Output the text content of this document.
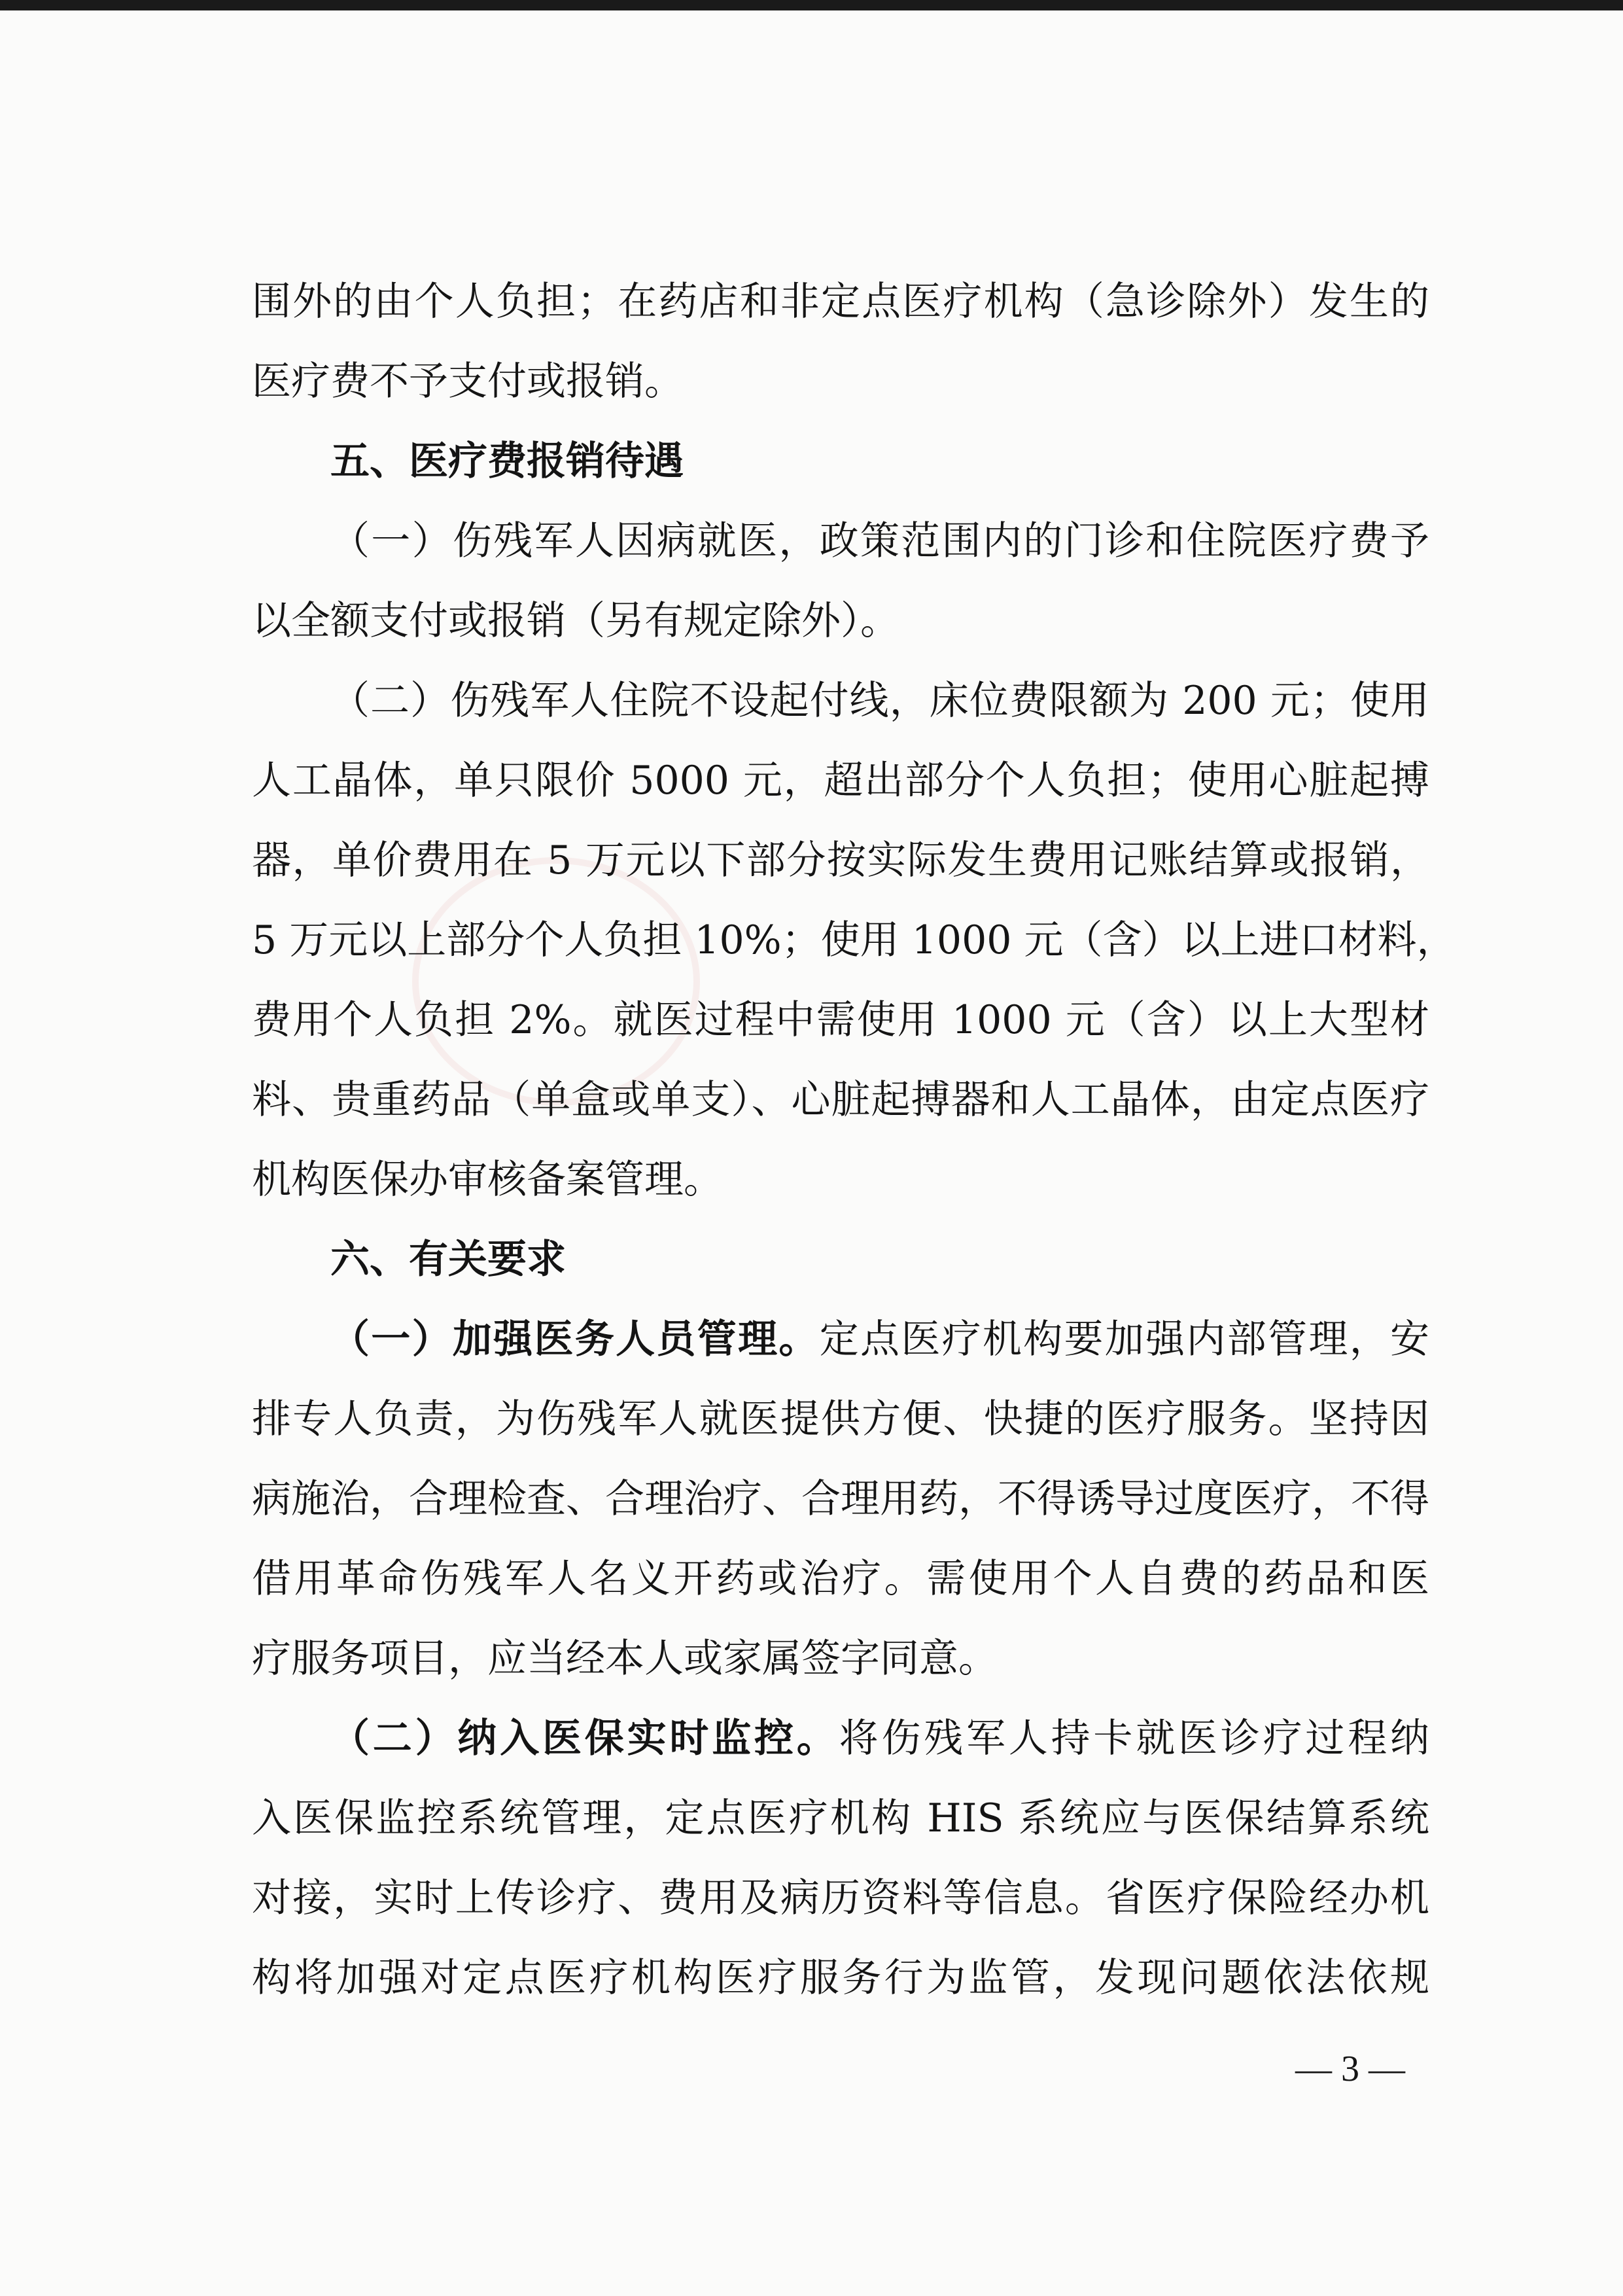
围外的由个人负担；在药店和非定点医疗机构（急诊除外）发生的
医疗费不予支付或报销。
五、医疗费报销待遇
（一）伤残军人因病就医，政策范围内的门诊和住院医疗费予
以全额支付或报销（另有规定除外）。
（二）伤残军人住院不设起付线，床位费限额为 200 元；使用
人工晶体，单只限价 5000 元，超出部分个人负担；使用心脏起搏
器，单价费用在 5 万元以下部分按实际发生费用记账结算或报销，
5 万元以上部分个人负担 10%；使用 1000 元（含）以上进口材料，
费用个人负担 2%。就医过程中需使用 1000 元（含）以上大型材
料、贵重药品（单盒或单支）、心脏起搏器和人工晶体，由定点医疗
机构医保办审核备案管理。
六、有关要求
（一）加强医务人员管理。定点医疗机构要加强内部管理，安
排专人负责，为伤残军人就医提供方便、快捷的医疗服务。坚持因
病施治，合理检查、合理治疗、合理用药，不得诱导过度医疗，不得
借用革命伤残军人名义开药或治疗。需使用个人自费的药品和医
疗服务项目，应当经本人或家属签字同意。
（二）纳入医保实时监控。将伤残军人持卡就医诊疗过程纳
入医保监控系统管理，定点医疗机构 HIS 系统应与医保结算系统
对接，实时上传诊疗、费用及病历资料等信息。省医疗保险经办机
构将加强对定点医疗机构医疗服务行为监管，发现问题依法依规
— 3 —
